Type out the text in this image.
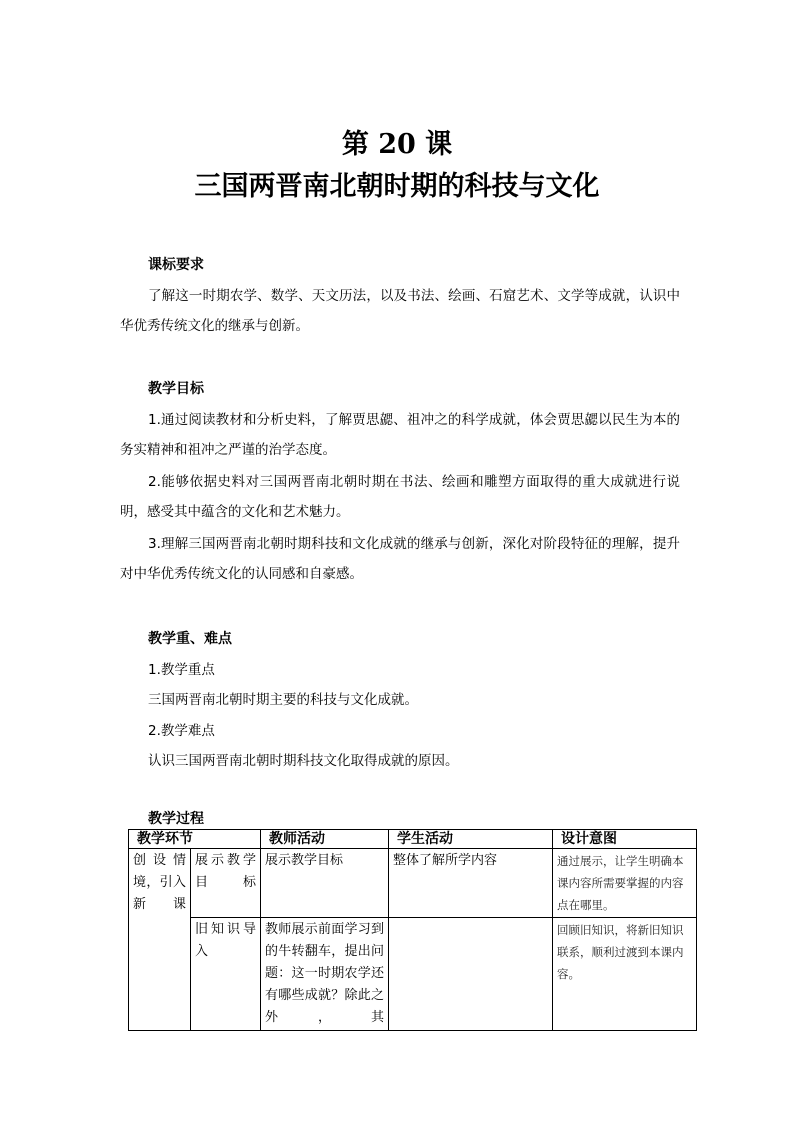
第 20 课
三国两晋南北朝时期的科技与文化
课标要求
了解这一时期农学、数学、天文历法，以及书法、绘画、石窟艺术、文学等成就，认识中华优秀传统文化的继承与创新。
教学目标
1.通过阅读教材和分析史料，了解贾思勰、祖冲之的科学成就，体会贾思勰以民生为本的务实精神和祖冲之严谨的治学态度。
2.能够依据史料对三国两晋南北朝时期在书法、绘画和雕塑方面取得的重大成就进行说明，感受其中蕴含的文化和艺术魅力。
3.理解三国两晋南北朝时期科技和文化成就的继承与创新，深化对阶段特征的理解，提升对中华优秀传统文化的认同感和自豪感。
教学重、难点
1.教学重点
三国两晋南北朝时期主要的科技与文化成就。
2.教学难点
认识三国两晋南北朝时期科技文化取得成就的原因。
教学过程
教学环节		教师活动	学生活动	设计意图
创设情境，引入新课	展示教学目标	展示教学目标	整体了解所学内容	通过展示，让学生明确本课内容所需要掌握的内容点在哪里。
	旧知识导入	教师展示前面学习到的牛转翻车，提出问题：这一时期农学还有哪些成就？除此之外，其		回顾旧知识，将新旧知识联系，顺利过渡到本课内容。
